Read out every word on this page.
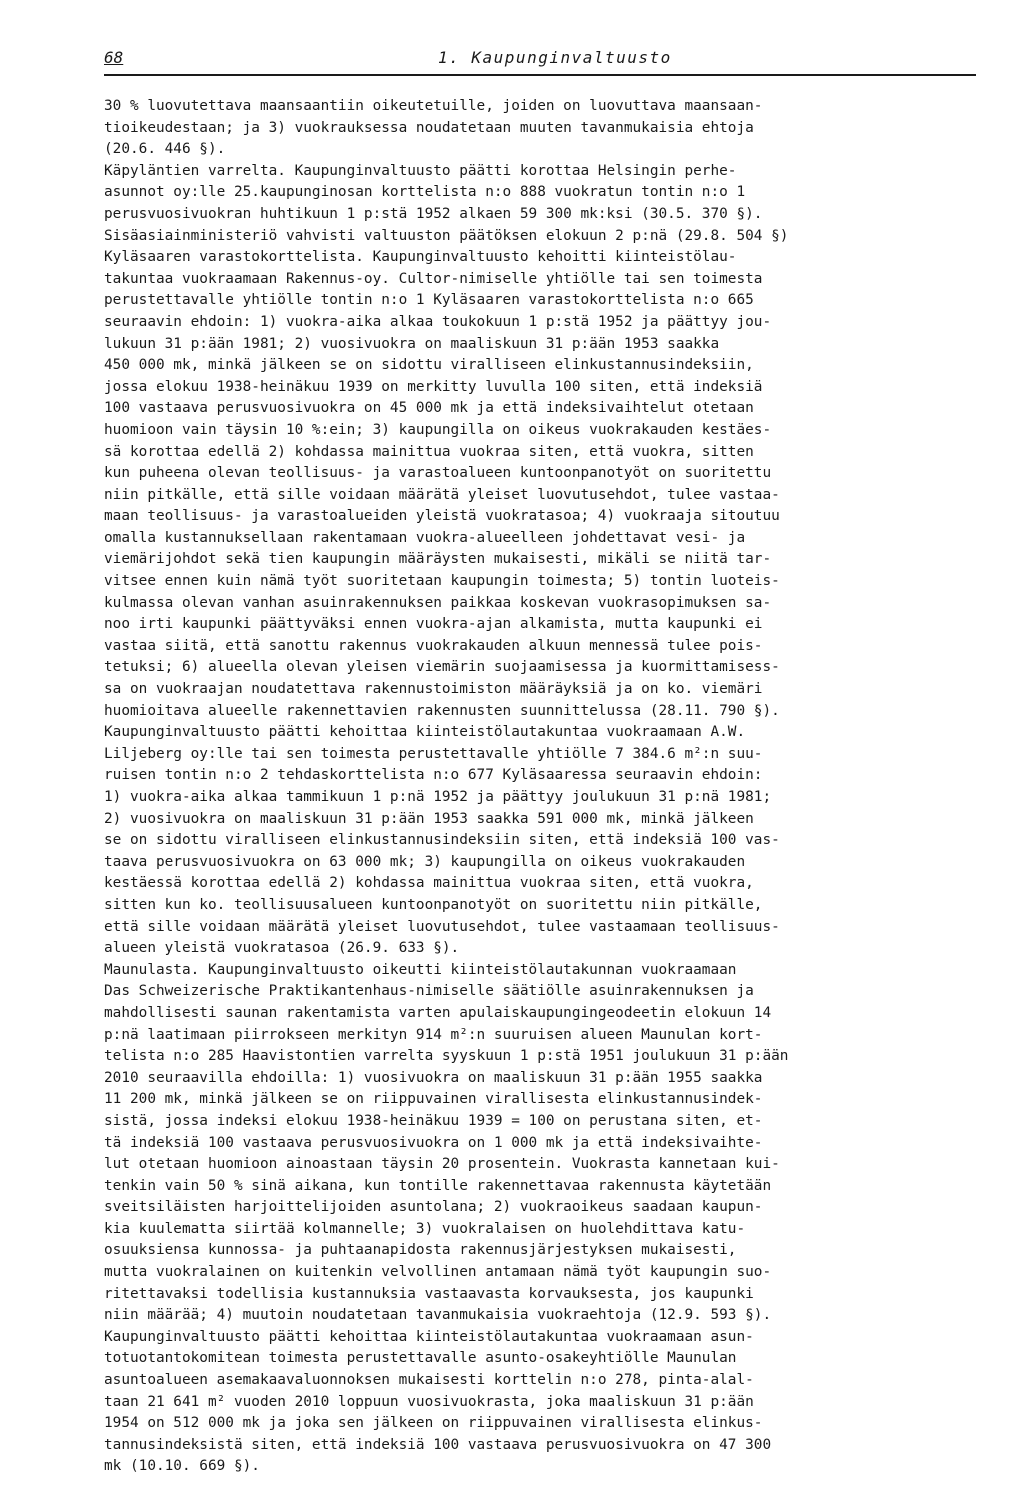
68	1. Kaupunginvaltuusto
30 % luovutettava maansaantiin oikeutetuille, joiden on luovuttava maansaan-
tioikeudestaan; ja 3) vuokrauksessa noudatetaan muuten tavanmukaisia ehtoja
(20.6. 446 §).
Käpyläntien varrelta. Kaupunginvaltuusto päätti korottaa Helsingin perhe-
asunnot oy:lle 25.kaupunginosan korttelista n:o 888 vuokratun tontin n:o 1
perusvuosivuokran huhtikuun 1 p:stä 1952 alkaen 59 300 mk:ksi (30.5. 370 §).
Sisäasiainministeriö vahvisti valtuuston päätöksen elokuun 2 p:nä (29.8. 504 §)
Kyläsaaren varastokorttelista. Kaupunginvaltuusto kehoitti kiinteistölau-
takuntaa vuokraamaan Rakennus-oy. Cultor-nimiselle yhtiölle tai sen toimesta
perustettavalle yhtiölle tontin n:o 1 Kyläsaaren varastokorttelista n:o 665
seuraavin ehdoin: 1) vuokra-aika alkaa toukokuun 1 p:stä 1952 ja päättyy jou-
lukuun 31 p:ään 1981; 2) vuosivuokra on maaliskuun 31 p:ään 1953 saakka
450 000 mk, minkä jälkeen se on sidottu viralliseen elinkustannusindeksiin,
jossa elokuu 1938-heinäkuu 1939 on merkitty luvulla 100 siten, että indeksiä
100 vastaava perusvuosivuokra on 45 000 mk ja että indeksivaihtelut otetaan
huomioon vain täysin 10 %:ein; 3) kaupungilla on oikeus vuokrakauden kestäes-
sä korottaa edellä 2) kohdassa mainittua vuokraa siten, että vuokra, sitten
kun puheena olevan teollisuus- ja varastoalueen kuntoonpanotyöt on suoritettu
niin pitkälle, että sille voidaan määrätä yleiset luovutusehdot, tulee vastaa-
maan teollisuus- ja varastoalueiden yleistä vuokratasoa; 4) vuokraaja sitoutuu
omalla kustannuksellaan rakentamaan vuokra-alueelleen johdettavat vesi- ja
viemärijohdot sekä tien kaupungin määräysten mukaisesti, mikäli se niitä tar-
vitsee ennen kuin nämä työt suoritetaan kaupungin toimesta; 5) tontin luoteis-
kulmassa olevan vanhan asuinrakennuksen paikkaa koskevan vuokrasopimuksen sa-
noo irti kaupunki päättyväksi ennen vuokra-ajan alkamista, mutta kaupunki ei
vastaa siitä, että sanottu rakennus vuokrakauden alkuun mennessä tulee pois-
tetuksi; 6) alueella olevan yleisen viemärin suojaamisessa ja kuormittamisess-
sa on vuokraajan noudatettava rakennustoimiston määräyksiä ja on ko. viemäri
huomioitava alueelle rakennettavien rakennusten suunnittelussa (28.11. 790 §).
Kaupunginvaltuusto päätti kehoittaa kiinteistölautakuntaa vuokraamaan A.W.
Liljeberg oy:lle tai sen toimesta perustettavalle yhtiölle 7 384.6 m²:n suu-
ruisen tontin n:o 2 tehdaskorttelista n:o 677 Kyläsaaressa seuraavin ehdoin:
1) vuokra-aika alkaa tammikuun 1 p:nä 1952 ja päättyy joulukuun 31 p:nä 1981;
2) vuosivuokra on maaliskuun 31 p:ään 1953 saakka 591 000 mk, minkä jälkeen
se on sidottu viralliseen elinkustannusindeksiin siten, että indeksiä 100 vas-
taava perusvuosivuokra on 63 000 mk; 3) kaupungilla on oikeus vuokrakauden
kestäessä korottaa edellä 2) kohdassa mainittua vuokraa siten, että vuokra,
sitten kun ko. teollisuusalueen kuntoonpanotyöt on suoritettu niin pitkälle,
että sille voidaan määrätä yleiset luovutusehdot, tulee vastaamaan teollisuus-
alueen yleistä vuokratasoa (26.9. 633 §).
Maunulasta. Kaupunginvaltuusto oikeutti kiinteistölautakunnan vuokraamaan
Das Schweizerische Praktikantenhaus-nimiselle säätiölle asuinrakennuksen ja
mahdollisesti saunan rakentamista varten apulaiskaupungingeodeetin elokuun 14
p:nä laatimaan piirrokseen merkityn 914 m²:n suuruisen alueen Maunulan kort-
telista n:o 285 Haavistontien varrelta syyskuun 1 p:stä 1951 joulukuun 31 p:ään
2010 seuraavilla ehdoilla: 1) vuosivuokra on maaliskuun 31 p:ään 1955 saakka
11 200 mk, minkä jälkeen se on riippuvainen virallisesta elinkustannusindek-
sistä, jossa indeksi elokuu 1938-heinäkuu 1939 = 100 on perustana siten, et-
tä indeksiä 100 vastaava perusvuosivuokra on 1 000 mk ja että indeksivaihte-
lut otetaan huomioon ainoastaan täysin 20 prosentein. Vuokrasta kannetaan kui-
tenkin vain 50 % sinä aikana, kun tontille rakennettavaa rakennusta käytetään
sveitsiläisten harjoittelijoiden asuntolana; 2) vuokraoikeus saadaan kaupun-
kia kuulematta siirtää kolmannelle; 3) vuokralaisen on huolehdittava katu-
osuuksiensa kunnossa- ja puhtaanapidosta rakennusjärjestyksen mukaisesti,
mutta vuokralainen on kuitenkin velvollinen antamaan nämä työt kaupungin suo-
ritettavaksi todellisia kustannuksia vastaavasta korvauksesta, jos kaupunki
niin määrää; 4) muutoin noudatetaan tavanmukaisia vuokraehtoja (12.9. 593 §).
Kaupunginvaltuusto päätti kehoittaa kiinteistölautakuntaa vuokraamaan asun-
totuotantokomitean toimesta perustettavalle asunto-osakeyhtiölle Maunulan
asuntoalueen asemakaavaluonnoksen mukaisesti korttelin n:o 278, pinta-alal-
taan 21 641 m² vuoden 2010 loppuun vuosivuokrasta, joka maaliskuun 31 p:ään
1954 on 512 000 mk ja joka sen jälkeen on riippuvainen virallisesta elinkus-
tannusindeksistä siten, että indeksiä 100 vastaava perusvuosivuokra on 47 300
mk (10.10. 669 §).
